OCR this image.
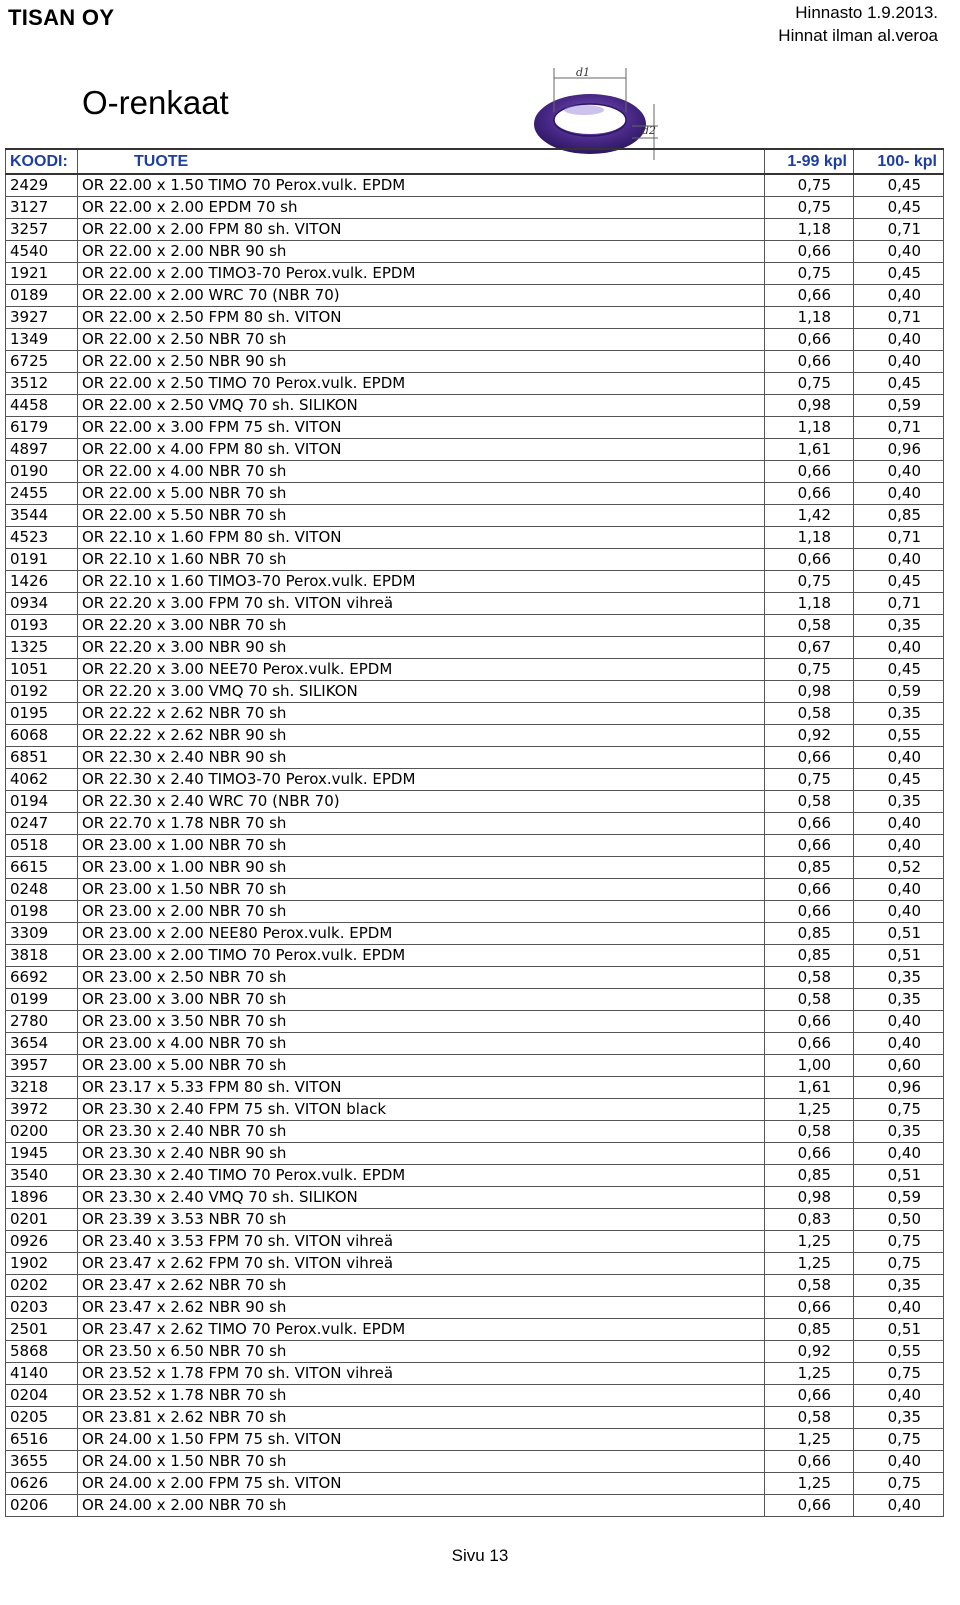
TISAN OY	Hinnasto 1.9.2013.
Hinnat ilman al.veroa
O-renkaat
d1
d2
KOODI:	TUOTE	1-99 kpl	100- kpl
2429	OR 22.00 x 1.50 TIMO 70 Perox.vulk. EPDM	0,75	0,45
3127	OR 22.00 x 2.00 EPDM 70 sh	0,75	0,45
3257	OR 22.00 x 2.00 FPM 80 sh. VITON	1,18	0,71
4540	OR 22.00 x 2.00 NBR 90 sh	0,66	0,40
1921	OR 22.00 x 2.00 TIMO3-70 Perox.vulk. EPDM	0,75	0,45
0189	OR 22.00 x 2.00 WRC 70 (NBR 70)	0,66	0,40
3927	OR 22.00 x 2.50 FPM 80 sh. VITON	1,18	0,71
1349	OR 22.00 x 2.50 NBR 70 sh	0,66	0,40
6725	OR 22.00 x 2.50 NBR 90 sh	0,66	0,40
3512	OR 22.00 x 2.50 TIMO 70 Perox.vulk. EPDM	0,75	0,45
4458	OR 22.00 x 2.50 VMQ 70 sh. SILIKON	0,98	0,59
6179	OR 22.00 x 3.00 FPM 75 sh. VITON	1,18	0,71
4897	OR 22.00 x 4.00 FPM 80 sh. VITON	1,61	0,96
0190	OR 22.00 x 4.00 NBR 70 sh	0,66	0,40
2455	OR 22.00 x 5.00 NBR 70 sh	0,66	0,40
3544	OR 22.00 x 5.50 NBR 70 sh	1,42	0,85
4523	OR 22.10 x 1.60 FPM 80 sh. VITON	1,18	0,71
0191	OR 22.10 x 1.60 NBR 70 sh	0,66	0,40
1426	OR 22.10 x 1.60 TIMO3-70 Perox.vulk. EPDM	0,75	0,45
0934	OR 22.20 x 3.00 FPM 70 sh. VITON vihreä	1,18	0,71
0193	OR 22.20 x 3.00 NBR 70 sh	0,58	0,35
1325	OR 22.20 x 3.00 NBR 90 sh	0,67	0,40
1051	OR 22.20 x 3.00 NEE70 Perox.vulk. EPDM	0,75	0,45
0192	OR 22.20 x 3.00 VMQ 70 sh. SILIKON	0,98	0,59
0195	OR 22.22 x 2.62 NBR 70 sh	0,58	0,35
6068	OR 22.22 x 2.62 NBR 90 sh	0,92	0,55
6851	OR 22.30 x 2.40 NBR 90 sh	0,66	0,40
4062	OR 22.30 x 2.40 TIMO3-70 Perox.vulk. EPDM	0,75	0,45
0194	OR 22.30 x 2.40 WRC 70 (NBR 70)	0,58	0,35
0247	OR 22.70 x 1.78 NBR 70 sh	0,66	0,40
0518	OR 23.00 x 1.00 NBR 70 sh	0,66	0,40
6615	OR 23.00 x 1.00 NBR 90 sh	0,85	0,52
0248	OR 23.00 x 1.50 NBR 70 sh	0,66	0,40
0198	OR 23.00 x 2.00 NBR 70 sh	0,66	0,40
3309	OR 23.00 x 2.00 NEE80 Perox.vulk. EPDM	0,85	0,51
3818	OR 23.00 x 2.00 TIMO 70 Perox.vulk. EPDM	0,85	0,51
6692	OR 23.00 x 2.50 NBR 70 sh	0,58	0,35
0199	OR 23.00 x 3.00 NBR 70 sh	0,58	0,35
2780	OR 23.00 x 3.50 NBR 70 sh	0,66	0,40
3654	OR 23.00 x 4.00 NBR 70 sh	0,66	0,40
3957	OR 23.00 x 5.00 NBR 70 sh	1,00	0,60
3218	OR 23.17 x 5.33 FPM 80 sh. VITON	1,61	0,96
3972	OR 23.30 x 2.40 FPM 75 sh. VITON black	1,25	0,75
0200	OR 23.30 x 2.40 NBR 70 sh	0,58	0,35
1945	OR 23.30 x 2.40 NBR 90 sh	0,66	0,40
3540	OR 23.30 x 2.40 TIMO 70 Perox.vulk. EPDM	0,85	0,51
1896	OR 23.30 x 2.40 VMQ 70 sh. SILIKON	0,98	0,59
0201	OR 23.39 x 3.53 NBR 70 sh	0,83	0,50
0926	OR 23.40 x 3.53 FPM 70 sh. VITON vihreä	1,25	0,75
1902	OR 23.47 x 2.62 FPM 70 sh. VITON vihreä	1,25	0,75
0202	OR 23.47 x 2.62 NBR 70 sh	0,58	0,35
0203	OR 23.47 x 2.62 NBR 90 sh	0,66	0,40
2501	OR 23.47 x 2.62 TIMO 70 Perox.vulk. EPDM	0,85	0,51
5868	OR 23.50 x 6.50 NBR 70 sh	0,92	0,55
4140	OR 23.52 x 1.78 FPM 70 sh. VITON vihreä	1,25	0,75
0204	OR 23.52 x 1.78 NBR 70 sh	0,66	0,40
0205	OR 23.81 x 2.62 NBR 70 sh	0,58	0,35
6516	OR 24.00 x 1.50 FPM 75 sh. VITON	1,25	0,75
3655	OR 24.00 x 1.50 NBR 70 sh	0,66	0,40
0626	OR 24.00 x 2.00 FPM 75 sh. VITON	1,25	0,75
0206	OR 24.00 x 2.00 NBR 70 sh	0,66	0,40
Sivu 13
